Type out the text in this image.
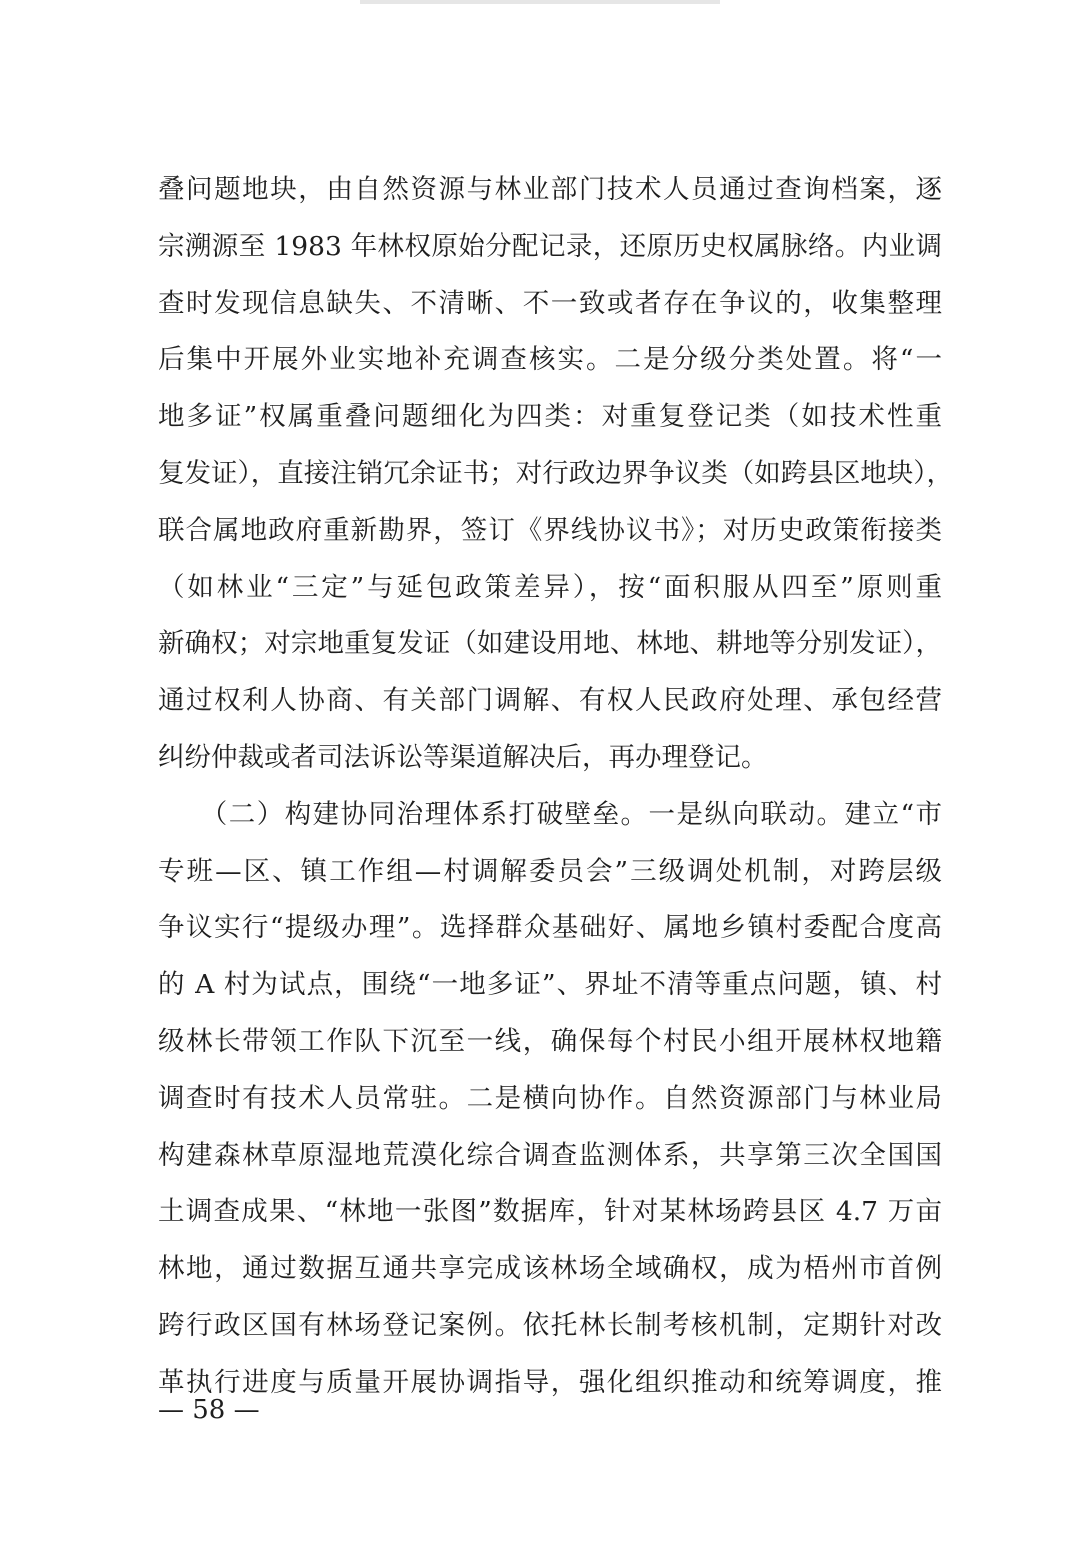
叠问题地块，由自然资源与林业部门技术人员通过查询档案，逐
宗溯源至 1983 年林权原始分配记录，还原历史权属脉络。内业调
查时发现信息缺失、不清晰、不一致或者存在争议的，收集整理
后集中开展外业实地补充调查核实。二是分级分类处置。将“一
地多证”权属重叠问题细化为四类：对重复登记类（如技术性重
复发证），直接注销冗余证书；对行政边界争议类（如跨县区地块），
联合属地政府重新勘界，签订《界线协议书》；对历史政策衔接类
（如林业“三定”与延包政策差异），按“面积服从四至”原则重
新确权；对宗地重复发证（如建设用地、林地、耕地等分别发证），
通过权利人协商、有关部门调解、有权人民政府处理、承包经营
纠纷仲裁或者司法诉讼等渠道解决后，再办理登记。
　　（二）构建协同治理体系打破壁垒。一是纵向联动。建立“市
专班—区、镇工作组—村调解委员会”三级调处机制，对跨层级
争议实行“提级办理”。选择群众基础好、属地乡镇村委配合度高
的 A 村为试点，围绕“一地多证”、界址不清等重点问题，镇、村
级林长带领工作队下沉至一线，确保每个村民小组开展林权地籍
调查时有技术人员常驻。二是横向协作。自然资源部门与林业局
构建森林草原湿地荒漠化综合调查监测体系，共享第三次全国国
土调查成果、“林地一张图”数据库，针对某林场跨县区 4.7 万亩
林地，通过数据互通共享完成该林场全域确权，成为梧州市首例
跨行政区国有林场登记案例。依托林长制考核机制，定期针对改
革执行进度与质量开展协调指导，强化组织推动和统筹调度，推
— 58 —
